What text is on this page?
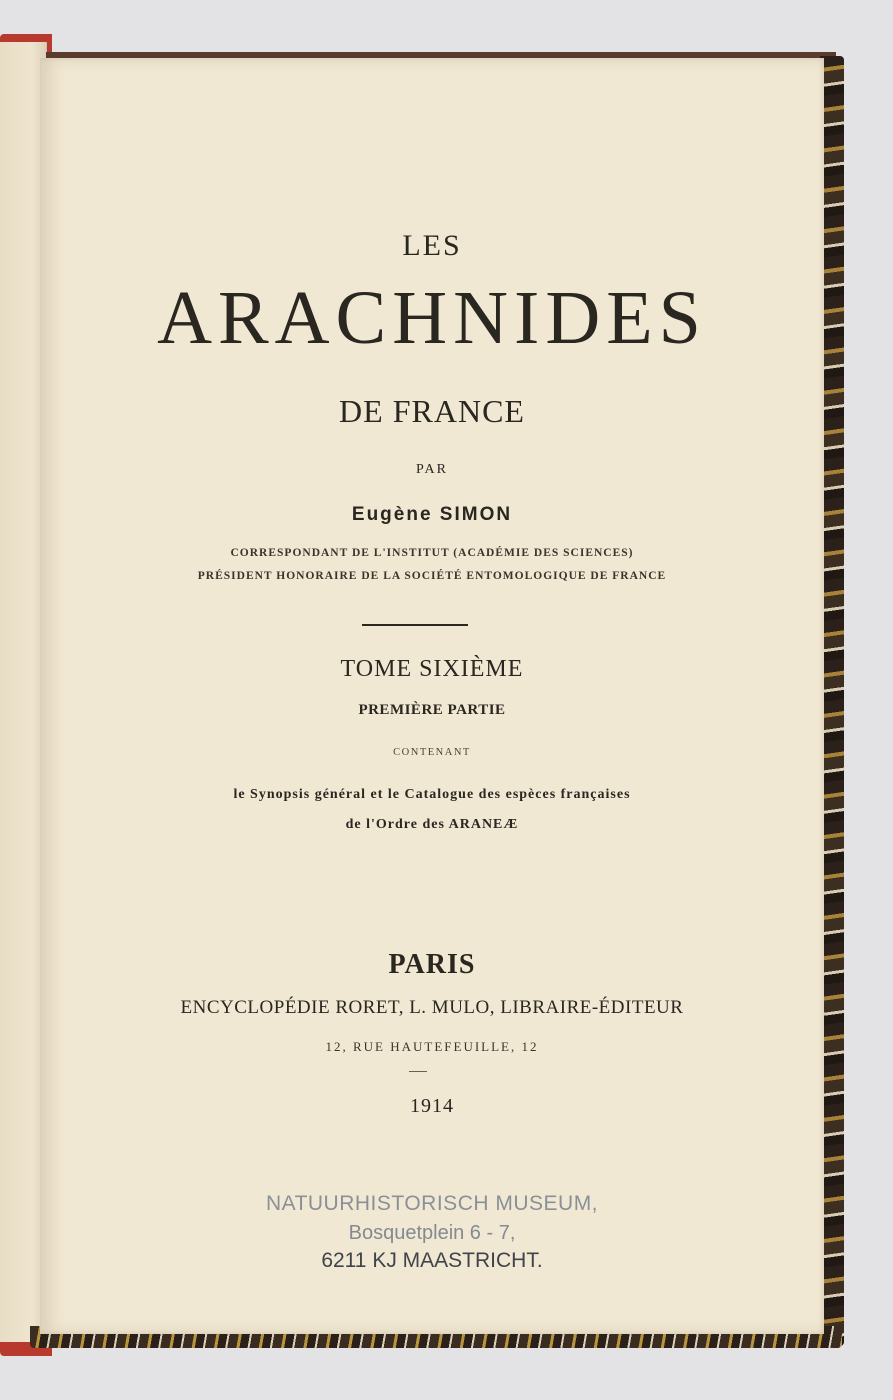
LES
ARACHNIDES
DE FRANCE
PAR
Eugène SIMON
CORRESPONDANT DE L'INSTITUT (ACADÉMIE DES SCIENCES)
PRÉSIDENT HONORAIRE DE LA SOCIÉTÉ ENTOMOLOGIQUE DE FRANCE
TOME SIXIÈME
PREMIÈRE PARTIE
CONTENANT
le Synopsis général et le Catalogue des espèces françaises
de l'Ordre des ARANEÆ
PARIS
ENCYCLOPÉDIE RORET, L. MULO, LIBRAIRE-ÉDITEUR
12, RUE HAUTEFEUILLE, 12
1914
NATUURHISTORISCH MUSEUM,
Bosquetplein 6 - 7,
6211 KJ MAASTRICHT.
